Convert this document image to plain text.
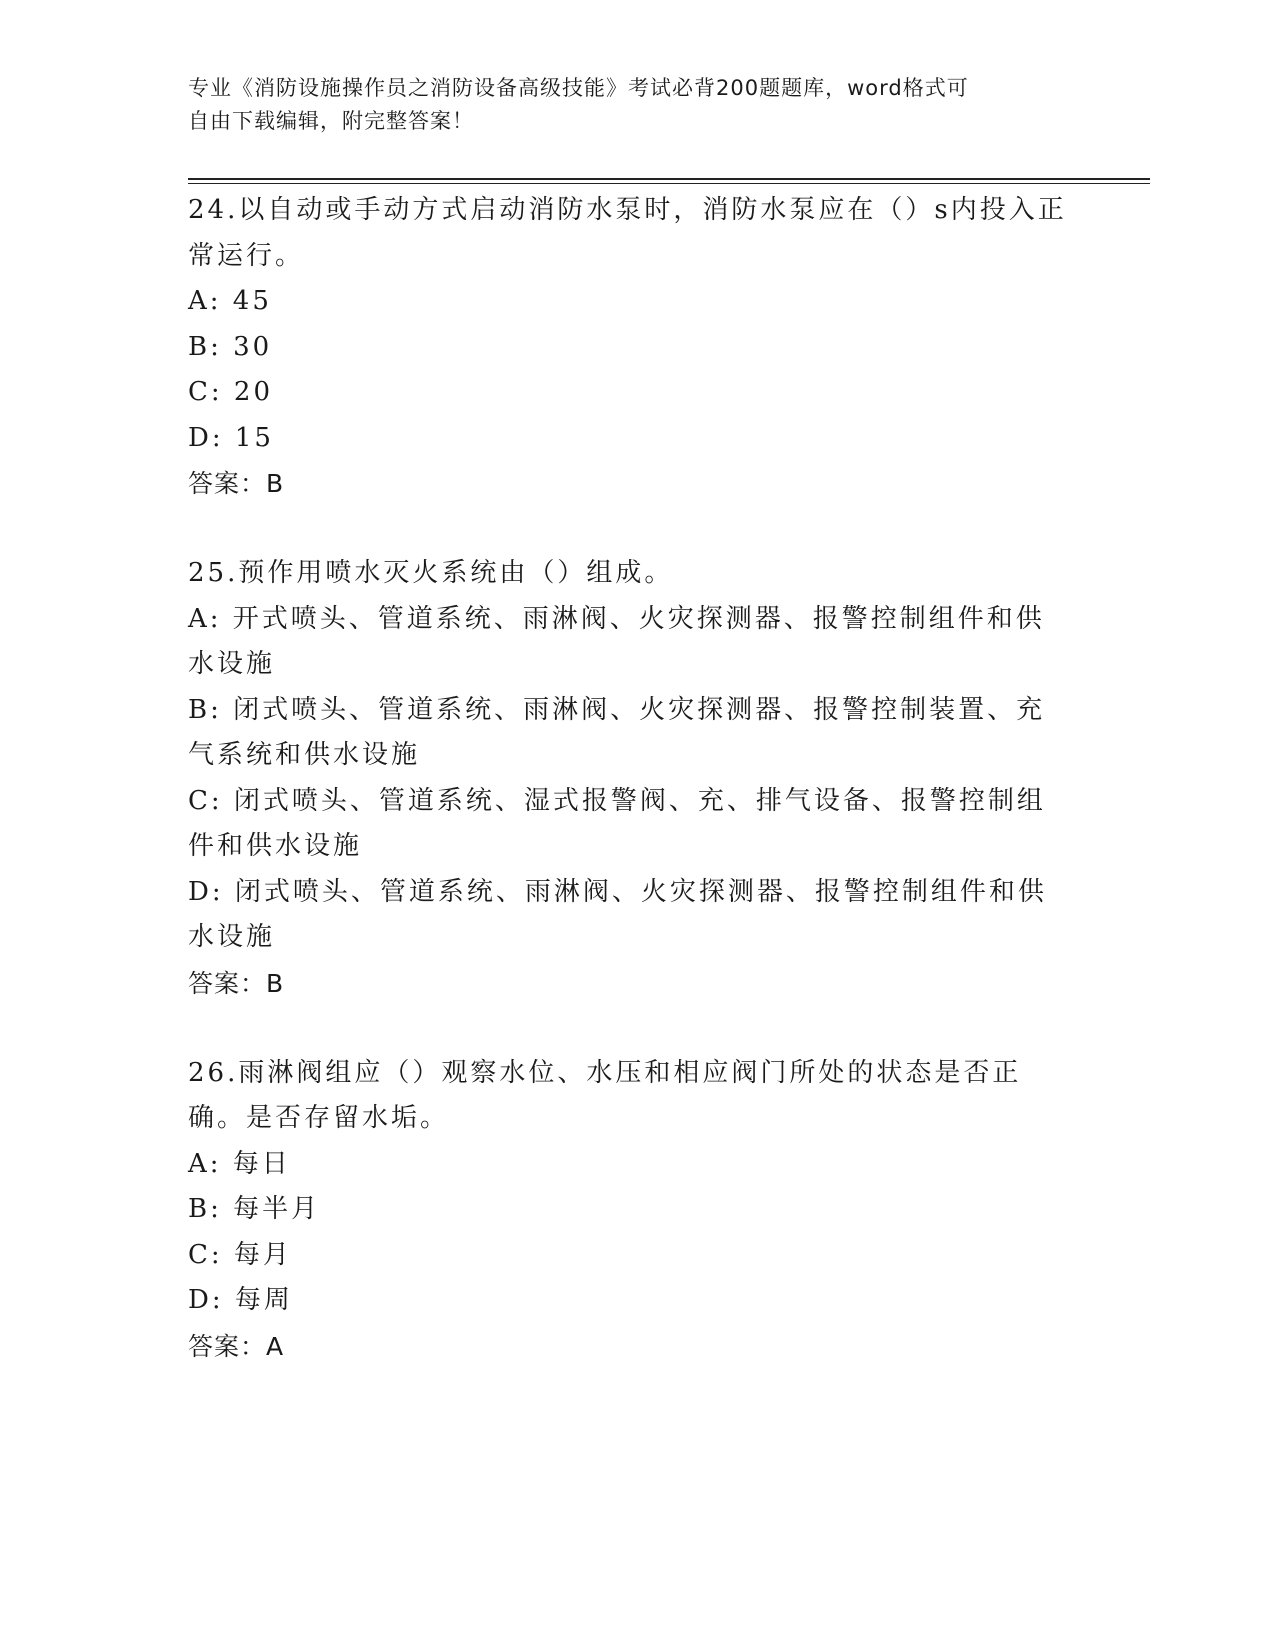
专业《消防设施操作员之消防设备高级技能》考试必背200题题库，word格式可
自由下载编辑，附完整答案！
24.以自动或手动方式启动消防水泵时，消防水泵应在（）s内投入正常运行。
A: 45
B: 30
C: 20
D: 15
答案：B
25.预作用喷水灭火系统由（）组成。
A: 开式喷头、管道系统、雨淋阀、火灾探测器、报警控制组件和供水设施
B: 闭式喷头、管道系统、雨淋阀、火灾探测器、报警控制装置、充气系统和供水设施
C: 闭式喷头、管道系统、湿式报警阀、充、排气设备、报警控制组件和供水设施
D: 闭式喷头、管道系统、雨淋阀、火灾探测器、报警控制组件和供水设施
答案：B
26.雨淋阀组应（）观察水位、水压和相应阀门所处的状态是否正确。是否存留水垢。
A: 每日
B: 每半月
C: 每月
D: 每周
答案：A
